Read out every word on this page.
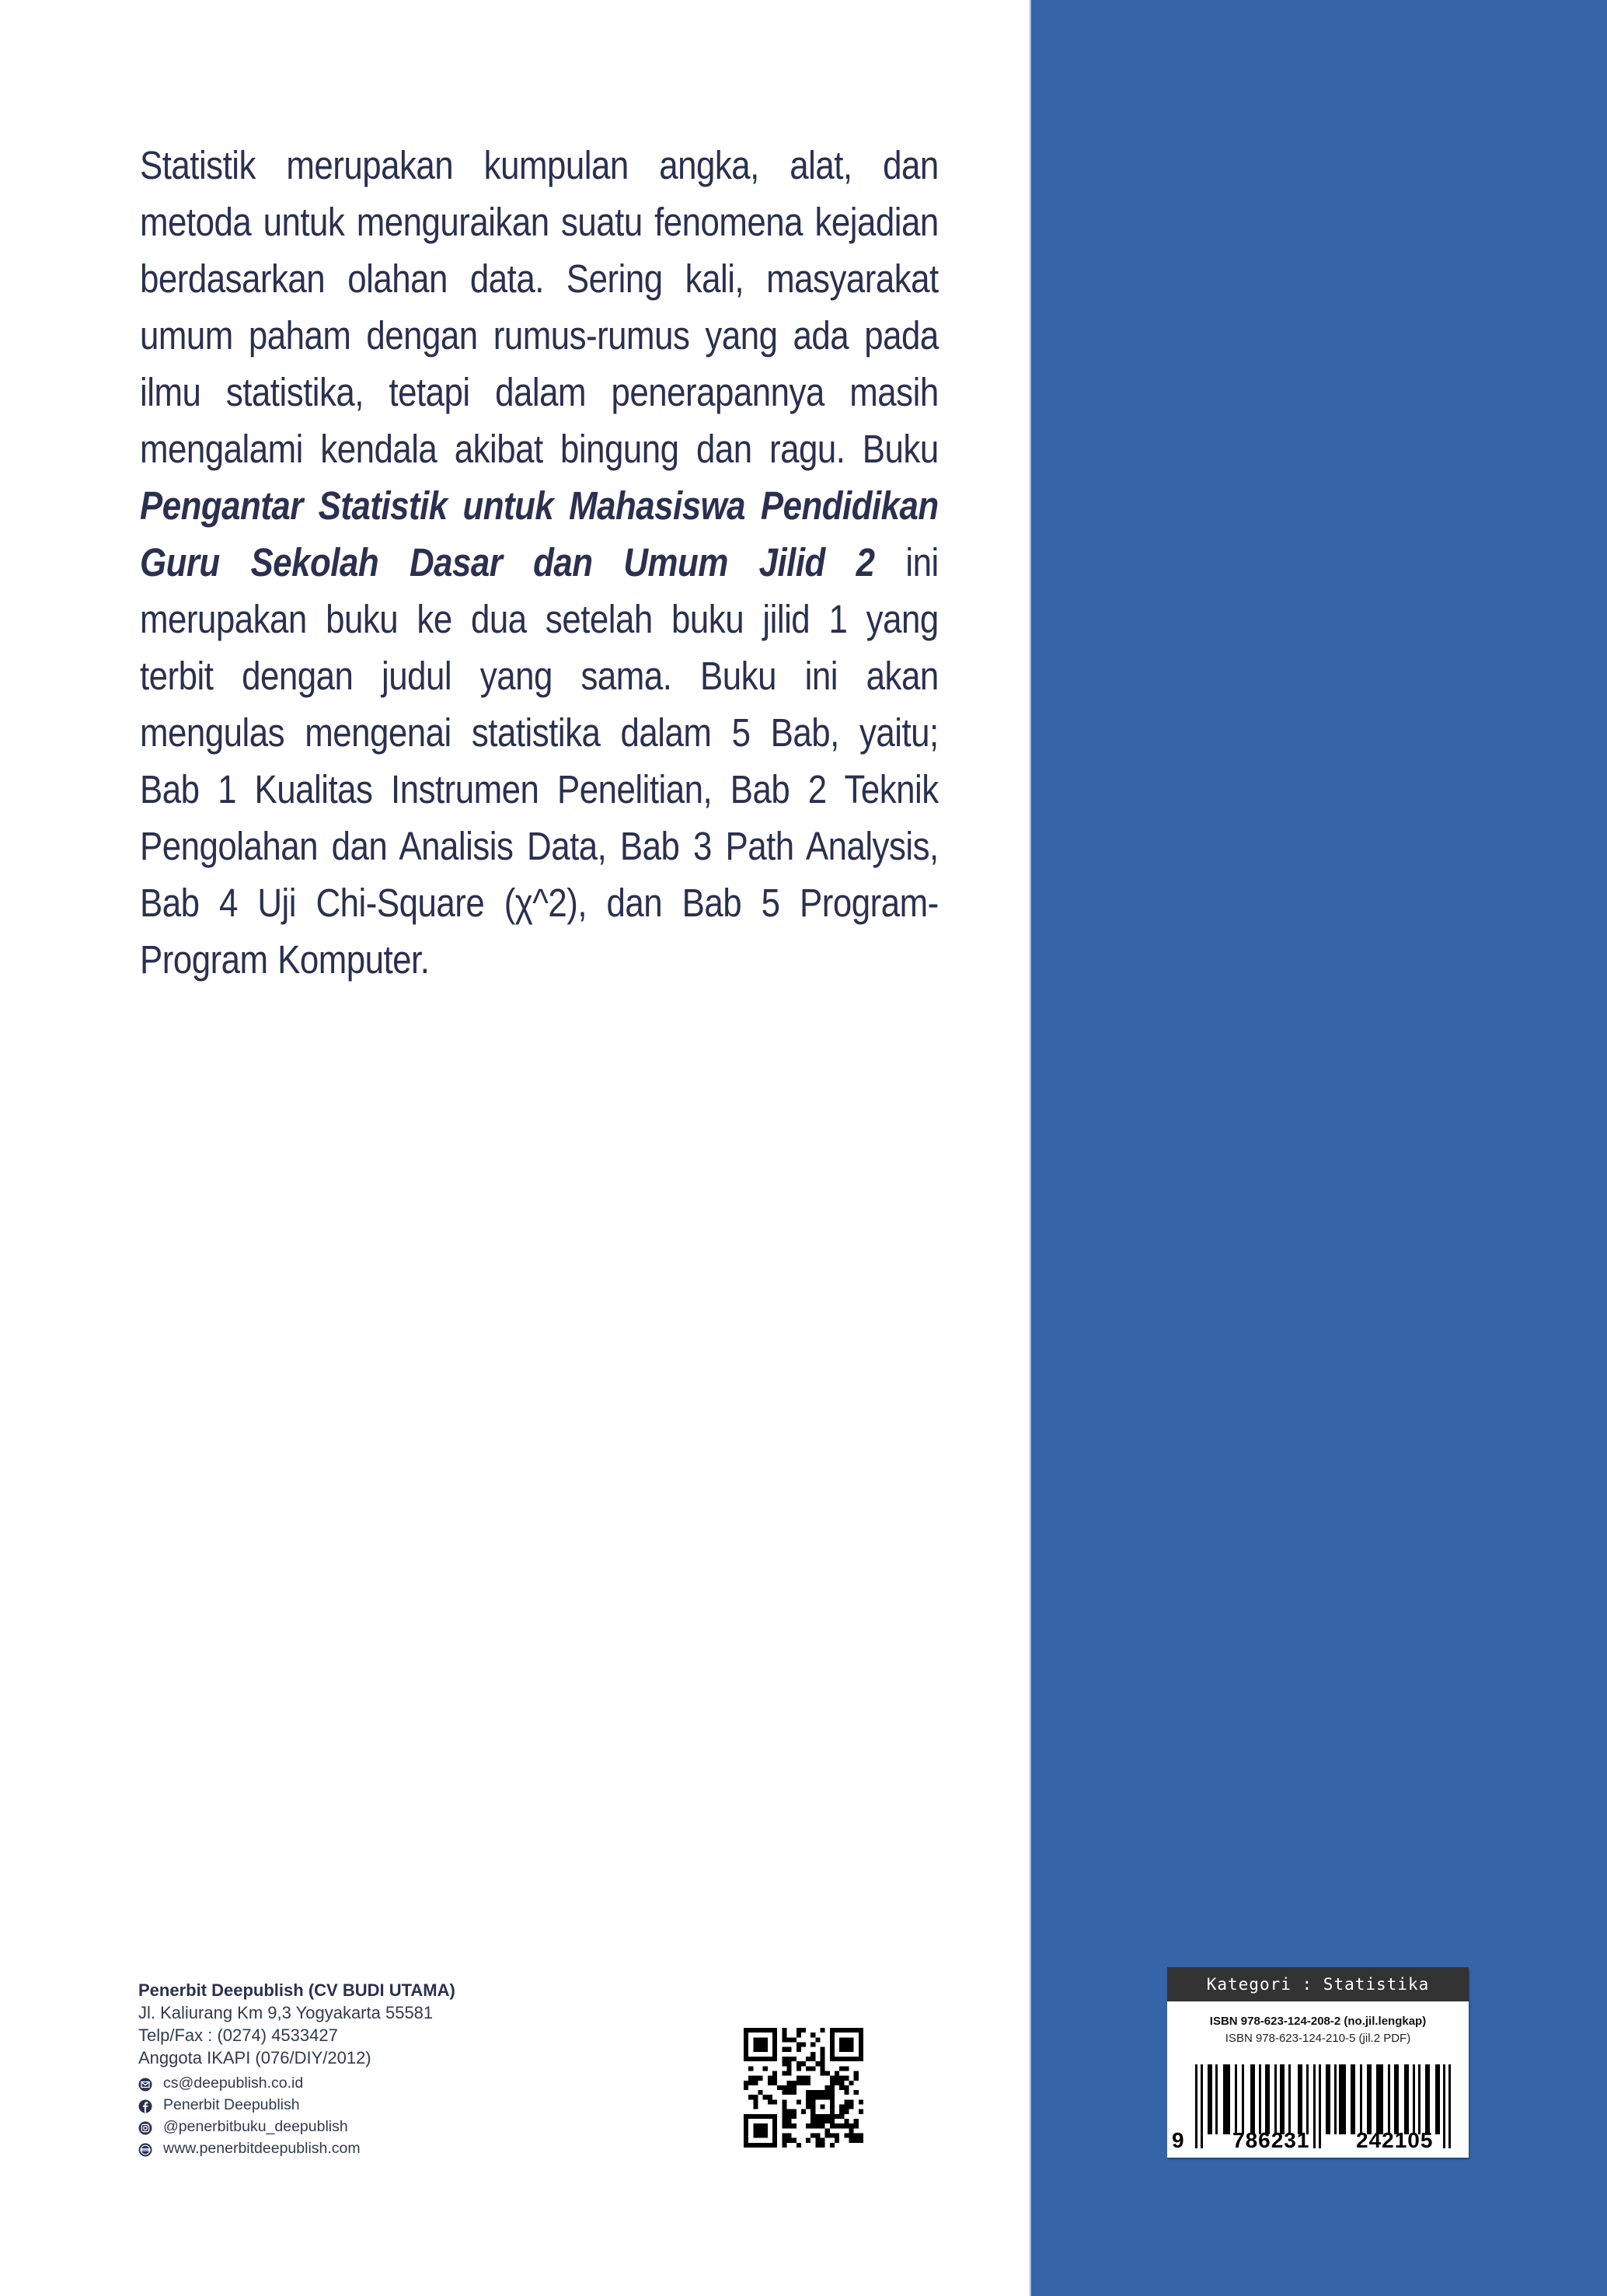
Statistik merupakan kumpulan angka, alat, dan metoda untuk menguraikan suatu fenomena kejadian berdasarkan olahan data. Sering kali, masyarakat umum paham dengan rumus-rumus yang ada pada ilmu statistika, tetapi dalam penerapannya masih mengalami kendala akibat bingung dan ragu. Buku Pengantar Statistik untuk Mahasiswa Pendidikan Guru Sekolah Dasar dan Umum Jilid 2 ini merupakan buku ke dua setelah buku jilid 1 yang terbit dengan judul yang sama. Buku ini akan mengulas mengenai statistika dalam 5 Bab, yaitu; Bab 1 Kualitas Instrumen Penelitian, Bab 2 Teknik Pengolahan dan Analisis Data, Bab 3 Path Analysis, Bab 4 Uji Chi-Square (χ^2), dan Bab 5 Program-Program Komputer.
Penerbit Deepublish (CV BUDI UTAMA)
Jl. Kaliurang Km 9,3 Yogyakarta 55581
Telp/Fax : (0274) 4533427
Anggota IKAPI (076/DIY/2012)
cs@deepublish.co.id
Penerbit Deepublish
@penerbitbuku_deepublish
www www.penerbitdeepublish.com
Kategori : Statistika
ISBN 978-623-124-208-2 (no.jil.lengkap)
ISBN 978-623-124-210-5 (jil.2 PDF)
9 786231 242105
